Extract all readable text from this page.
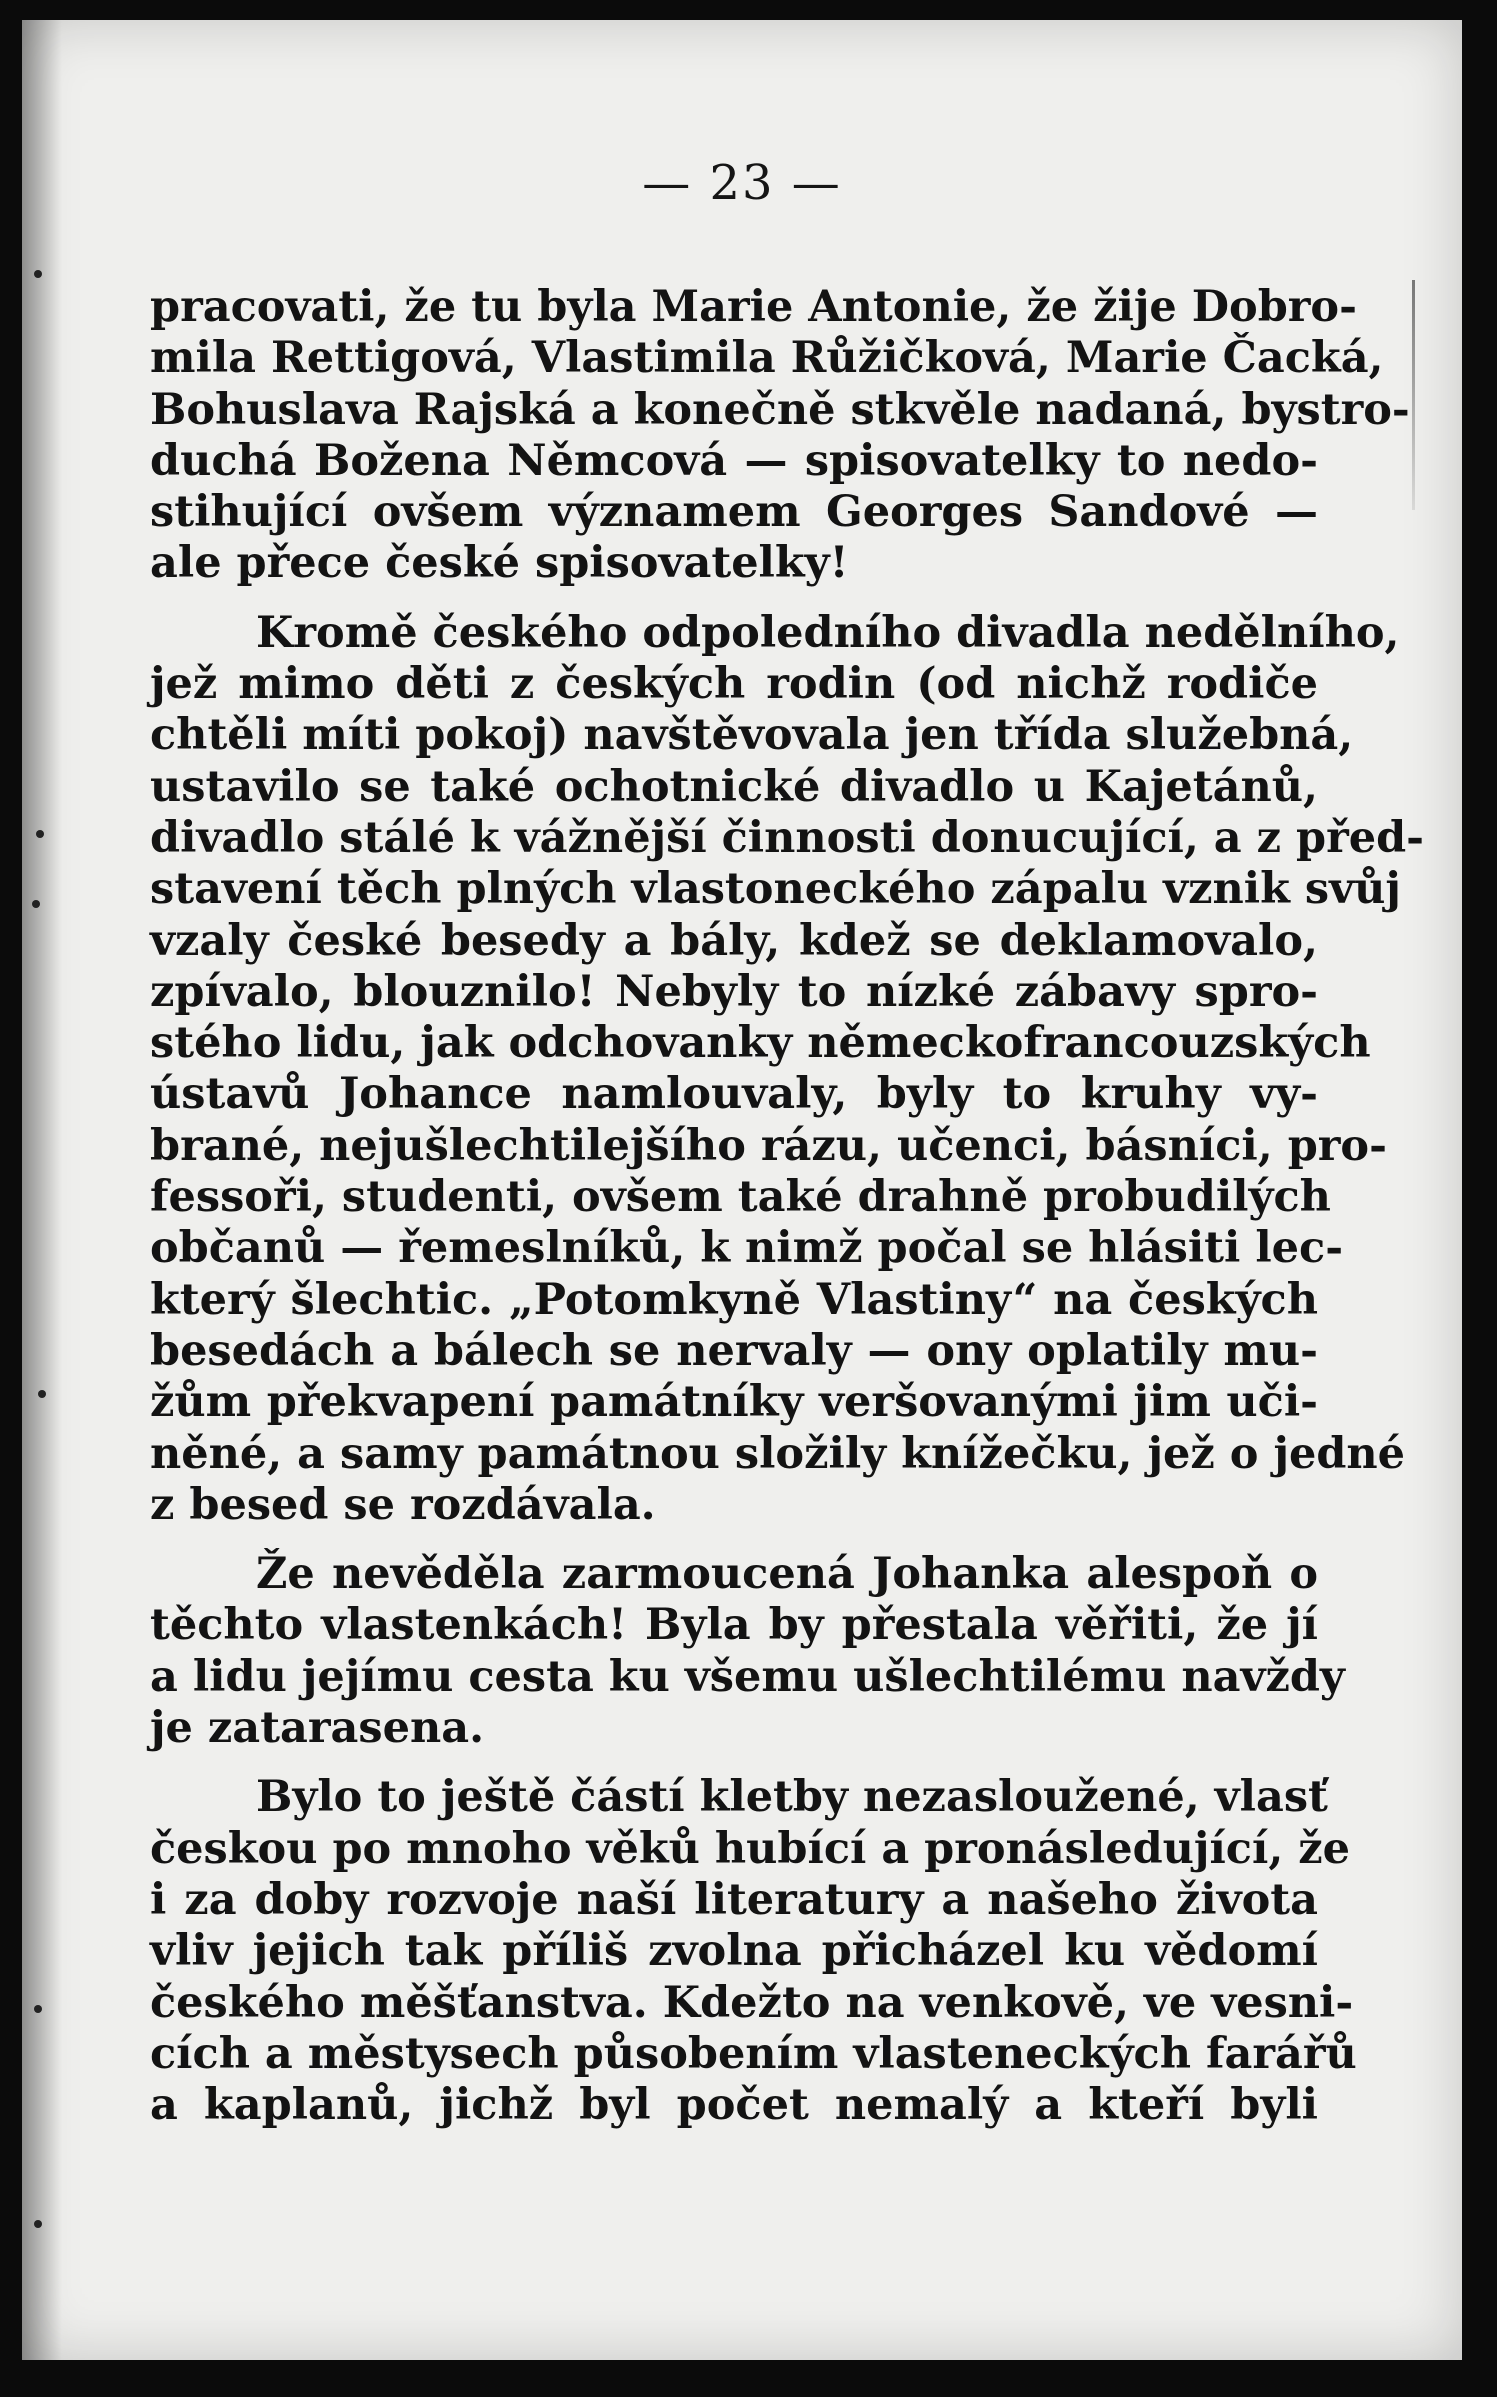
— 23 —
pracovati, že tu byla Marie Antonie, že žije Dobro-
mila Rettigová, Vlastimila Růžičková, Marie Čacká,
Bohuslava Rajská a konečně stkvěle nadaná, bystro-
duchá Božena Němcová — spisovatelky to nedo-
stihující ovšem významem Georges Sandové —
ale přece české spisovatelky!
Kromě českého odpoledního divadla nedělního,
jež mimo děti z českých rodin (od nichž rodiče
chtěli míti pokoj) navštěvovala jen třída služebná,
ustavilo se také ochotnické divadlo u Kajetánů,
divadlo stálé k vážnější činnosti donucující, a z před-
stavení těch plných vlastoneckého zápalu vznik svůj
vzaly české besedy a bály, kdež se deklamovalo,
zpívalo, blouznilo! Nebyly to nízké zábavy spro-
stého lidu, jak odchovanky německofrancouzských
ústavů Johance namlouvaly, byly to kruhy vy-
brané, nejušlechtilejšího rázu, učenci, básníci, pro-
fessoři, studenti, ovšem také drahně probudilých
občanů — řemeslníků, k nimž počal se hlásiti lec-
který šlechtic. „Potomkyně Vlastiny“ na českých
besedách a bálech se nervaly — ony oplatily mu-
žům překvapení památníky veršovanými jim uči-
něné, a samy památnou složily knížečku, jež o jedné
z besed se rozdávala.
Že nevěděla zarmoucená Johanka alespoň o
těchto vlastenkách! Byla by přestala věřiti, že jí
a lidu jejímu cesta ku všemu ušlechtilému navždy
je zatarasena.
Bylo to ještě částí kletby nezasloužené, vlasť
českou po mnoho věků hubící a pronásledující, že
i za doby rozvoje naší literatury a našeho života
vliv jejich tak příliš zvolna přicházel ku vědomí
českého měšťanstva. Kdežto na venkově, ve vesni-
cích a městysech působením vlasteneckých farářů
a kaplanů, jichž byl počet nemalý a kteří byli
